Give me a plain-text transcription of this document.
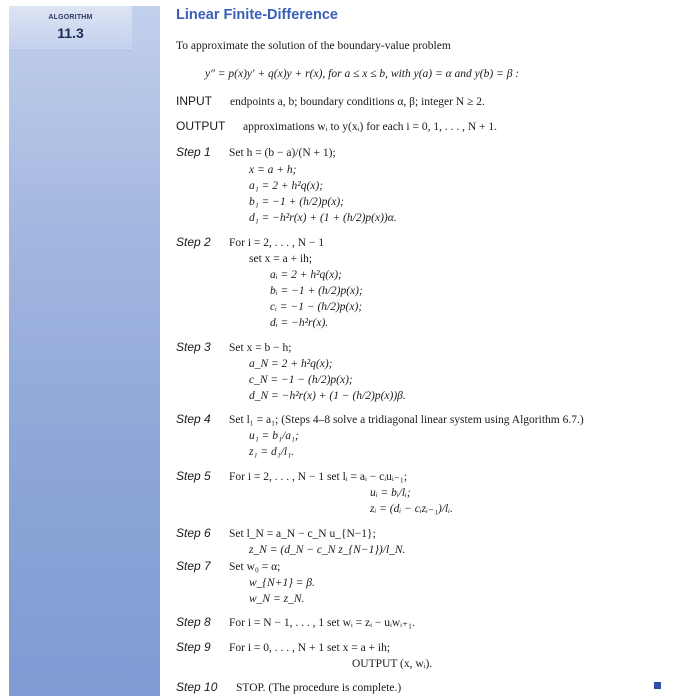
ALGORITHM
11.3
Linear Finite-Difference
To approximate the solution of the boundary-value problem
y″ = p(x)y′ + q(x)y + r(x), for a ≤ x ≤ b, with y(a) = α and y(b) = β :
INPUT endpoints a, b; boundary conditions α, β; integer N ≥ 2.
OUTPUT approximations wᵢ to y(xᵢ) for each i = 0, 1, . . . , N + 1.
Step 1 Set h = (b − a)/(N + 1);
x = a + h;
a₁ = 2 + h²q(x);
b₁ = −1 + (h/2)p(x);
d₁ = −h²r(x) + (1 + (h/2)p(x))α.
Step 2 For i = 2, . . . , N − 1
set x = a + ih;
aᵢ = 2 + h²q(x);
bᵢ = −1 + (h/2)p(x);
cᵢ = −1 − (h/2)p(x);
dᵢ = −h²r(x).
Step 3 Set x = b − h;
a_N = 2 + h²q(x);
c_N = −1 − (h/2)p(x);
d_N = −h²r(x) + (1 − (h/2)p(x))β.
Step 4 Set l₁ = a₁; (Steps 4–8 solve a tridiagonal linear system using Algorithm 6.7.)
u₁ = b₁/a₁;
z₁ = d₁/l₁.
Step 5 For i = 2, . . . , N − 1 set lᵢ = aᵢ − cᵢuᵢ₋₁;
uᵢ = bᵢ/lᵢ;
zᵢ = (dᵢ − cᵢzᵢ₋₁)/lᵢ.
Step 6 Set l_N = a_N − c_N u_{N−1};
z_N = (d_N − c_N z_{N−1})/l_N.
Step 7 Set w₀ = α;
w_{N+1} = β.
w_N = z_N.
Step 8 For i = N − 1, . . . , 1 set wᵢ = zᵢ − uᵢwᵢ₊₁.
Step 9 For i = 0, . . . , N + 1 set x = a + ih;
OUTPUT (x, wᵢ).
Step 10 STOP. (The procedure is complete.)
